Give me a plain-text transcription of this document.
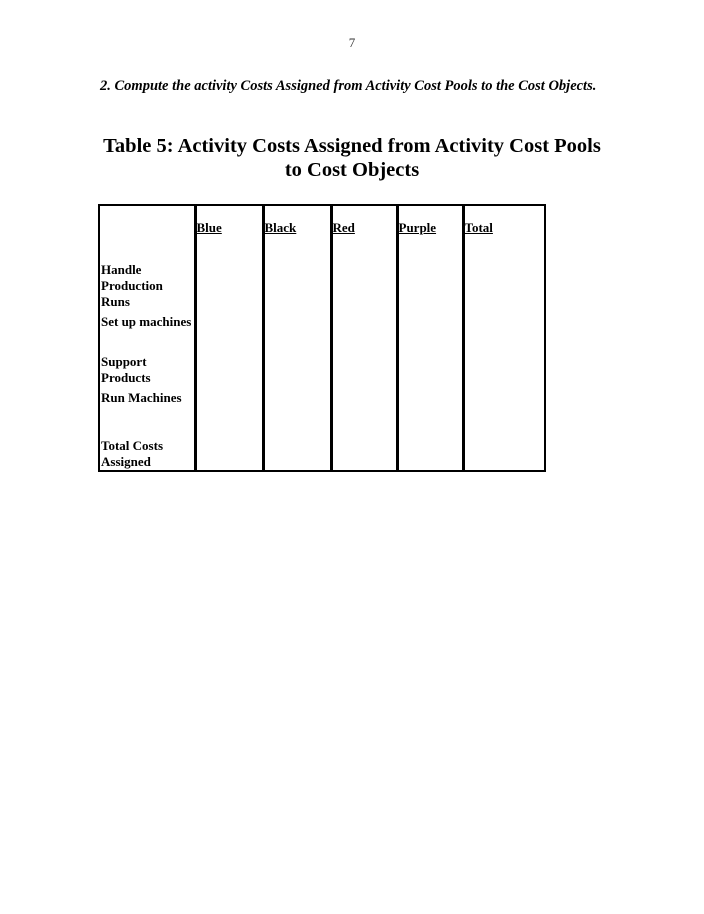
7
2. Compute the activity Costs Assigned from Activity Cost Pools to the Cost Objects.
Table 5: Activity Costs Assigned from Activity Cost Pools to Cost Objects
	Blue	Black	Red	Purple	Total
Handle Production Runs					
Set up machines					
Support Products					
Run Machines					
Total Costs Assigned					
